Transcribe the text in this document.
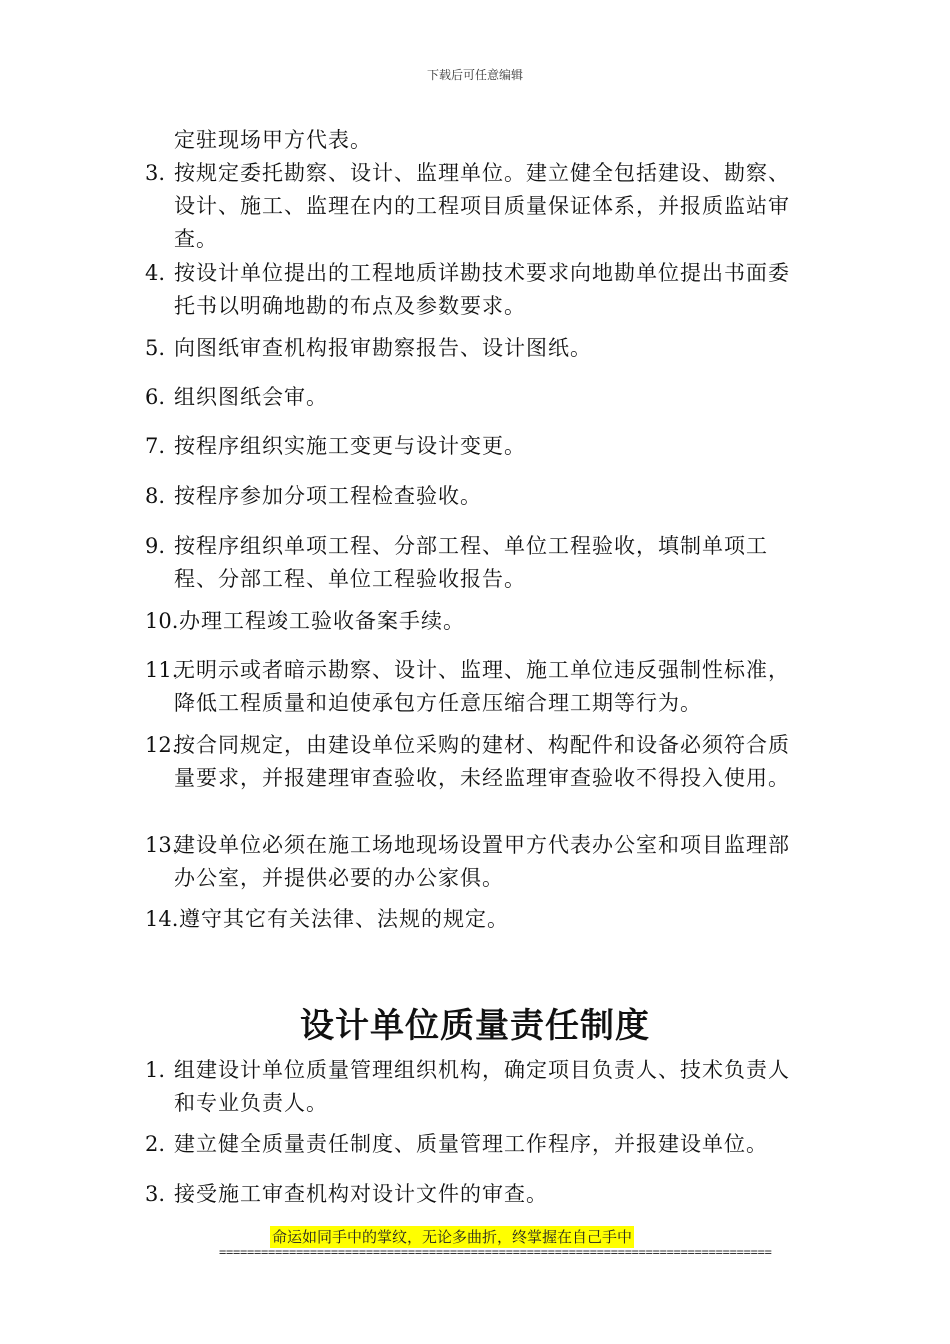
下载后可任意编辑
定驻现场甲方代表。
3. 按规定委托勘察、设计、监理单位。建立健全包括建设、勘察、设计、施工、监理在内的工程项目质量保证体系，并报质监站审查。
4. 按设计单位提出的工程地质详勘技术要求向地勘单位提出书面委托书以明确地勘的布点及参数要求。
5. 向图纸审查机构报审勘察报告、设计图纸。
6. 组织图纸会审。
7. 按程序组织实施工变更与设计变更。
8. 按程序参加分项工程检查验收。
9. 按程序组织单项工程、分部工程、单位工程验收，填制单项工程、分部工程、单位工程验收报告。
10. 办理工程竣工验收备案手续。
11.
无明示或者暗示勘察、设计、监理、施工单位违反强制性标准，降低工程质量和迫使承包方任意压缩合理工期等行为。
12.
按合同规定，由建设单位采购的建材、构配件和设备必须符合质量要求，并报建理审查验收，未经监理审查验收不得投入使用。
13.
建设单位必须在施工场地现场设置甲方代表办公室和项目监理部办公室，并提供必要的办公家俱。
14. 遵守其它有关法律、法规的规定。
设计单位质量责任制度
1. 组建设计单位质量管理组织机构，确定项目负责人、技术负责人和专业负责人。
2. 建立健全质量责任制度、质量管理工作程序，并报建设单位。
3. 接受施工审查机构对设计文件的审查。
命运如同手中的掌纹，无论多曲折，终掌握在自己手中
===============================================================================
